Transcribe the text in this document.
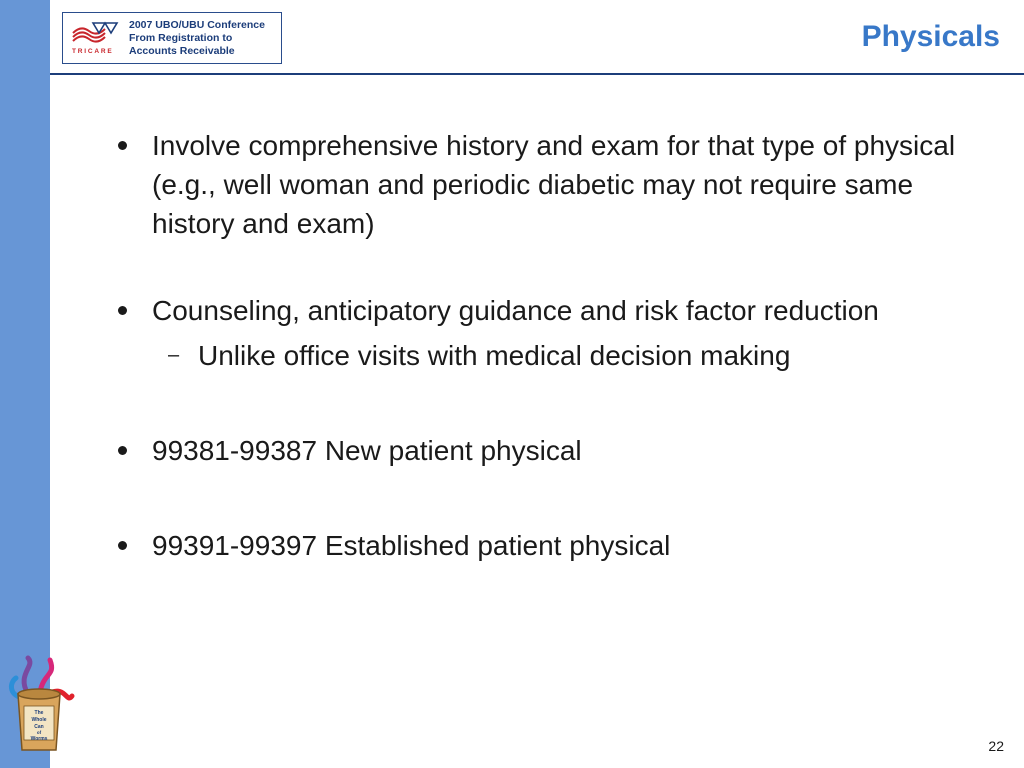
TRICARE
2007 UBO/UBU Conference
From Registration to
Accounts Receivable	Physicals
Involve comprehensive history and exam for that type of physical (e.g., well woman and periodic diabetic may not require same history and exam)
Counseling, anticipatory guidance and risk factor reduction
– Unlike office visits with medical decision making
99381-99387 New patient physical
99391-99397 Established patient physical
The
Whole
Can
of
Worms	22
